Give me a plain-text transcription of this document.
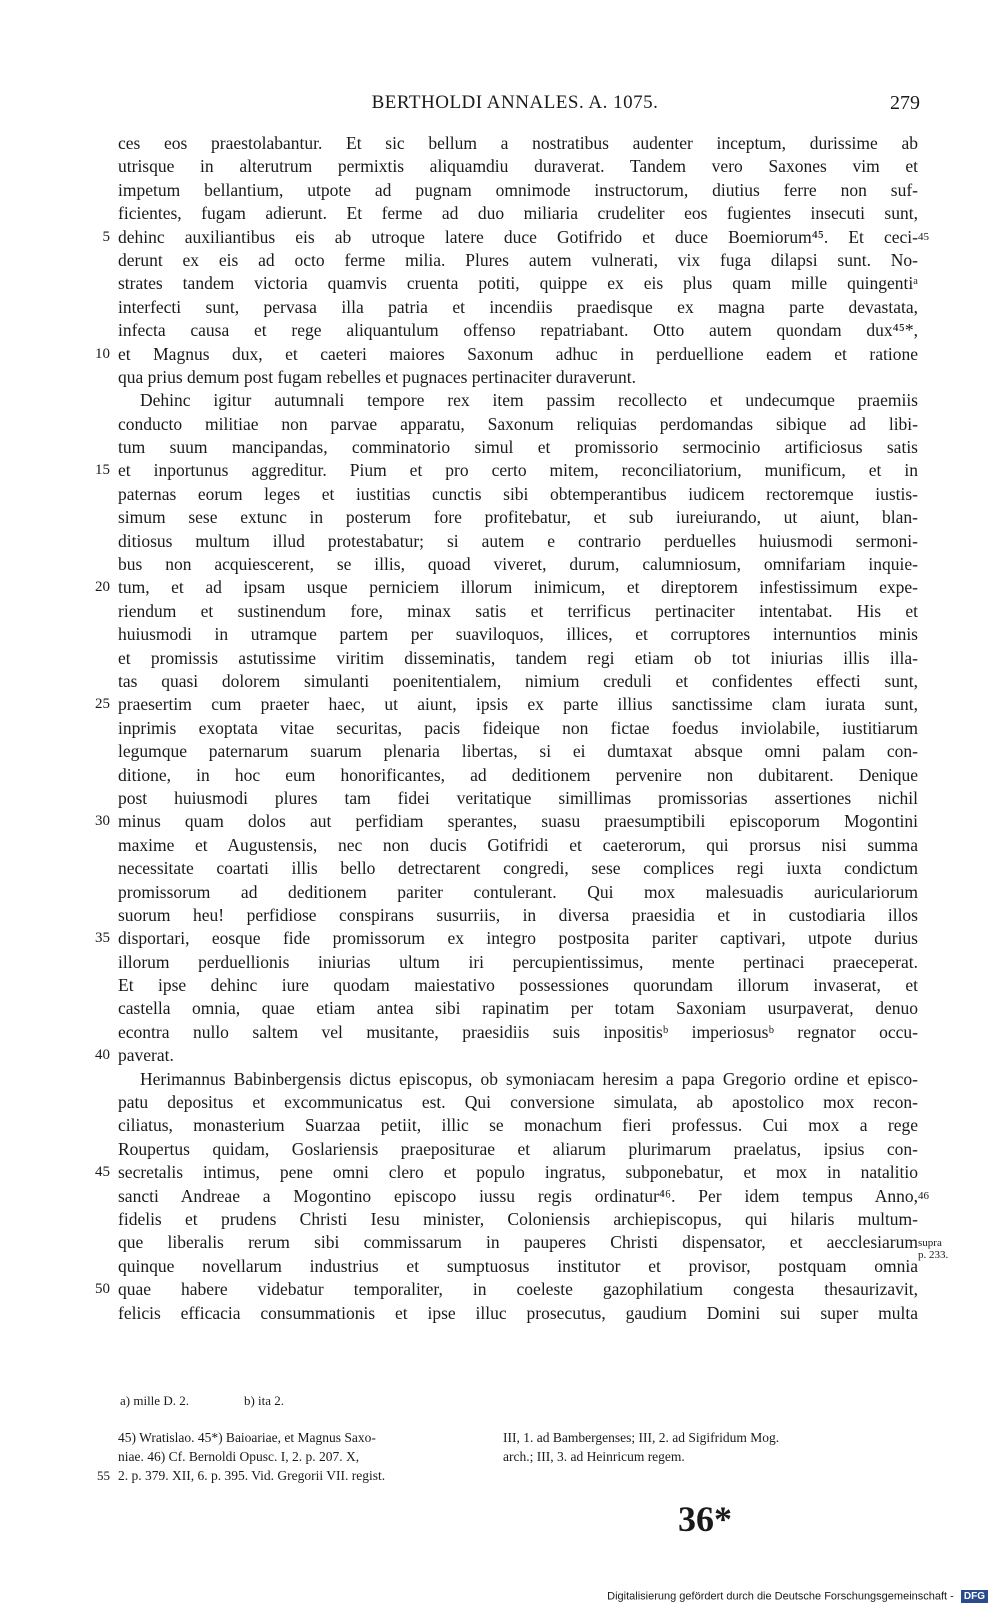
BERTHOLDI ANNALES. A. 1075.	279
ces eos praestolabantur. Et sic bellum a nostratibus audenter inceptum, durissime ab
utrisque in alterutrum permixtis aliquamdiu duraverat. Tandem vero Saxones vim et
impetum bellantium, utpote ad pugnam omnimode instructorum, diutius ferre non suf-
ficientes, fugam adierunt. Et ferme ad duo miliaria crudeliter eos fugientes insecuti sunt,
5 dehinc auxiliantibus eis ab utroque latere duce Gotifrido et duce Boemiorum⁴⁵. Et ceci-
derunt ex eis ad octo ferme milia. Plures autem vulnerati, vix fuga dilapsi sunt. No-
strates tandem victoria quamvis cruenta potiti, quippe ex eis plus quam mille quingentiᵃ
interfecti sunt, pervasa illa patria et incendiis praedisque ex magna parte devastata,
infecta causa et rege aliquantulum offenso repatriabant. Otto autem quondam dux⁴⁵*,
10 et Magnus dux, et caeteri maiores Saxonum adhuc in perduellione eadem et ratione
qua prius demum post fugam rebelles et pugnaces pertinaciter duraverunt.
Dehinc igitur autumnali tempore rex item passim recollecto et undecumque praemiis
conducto militiae non parvae apparatu, Saxonum reliquias perdomandas sibique ad libi-
tum suum mancipandas, comminatorio simul et promissorio sermocinio artificiosus satis
15 et inportunus aggreditur. Pium et pro certo mitem, reconciliatorium, munificum, et in
paternas eorum leges et iustitias cunctis sibi obtemperantibus iudicem rectoremque iustis-
simum sese extunc in posterum fore profitebatur, et sub iureiurando, ut aiunt, blan-
ditiosus multum illud protestabatur; si autem e contrario perduelles huiusmodi sermoni-
bus non acquiescerent, se illis, quoad viveret, durum, calumniosum, omnifariam inquie-
20 tum, et ad ipsam usque perniciem illorum inimicum, et direptorem infestissimum expe-
riendum et sustinendum fore, minax satis et terrificus pertinaciter intentabat. His et
huiusmodi in utramque partem per suaviloquos, illices, et corruptores internuntios minis
et promissis astutissime viritim disseminatis, tandem regi etiam ob tot iniurias illis illa-
tas quasi dolorem simulanti poenitentialem, nimium creduli et confidentes effecti sunt,
25 praesertim cum praeter haec, ut aiunt, ipsis ex parte illius sanctissime clam iurata sunt,
inprimis exoptata vitae securitas, pacis fideique non fictae foedus inviolabile, iustitiarum
legumque paternarum suarum plenaria libertas, si ei dumtaxat absque omni palam con-
ditione, in hoc eum honorificantes, ad deditionem pervenire non dubitarent. Denique
post huiusmodi plures tam fidei veritatique simillimas promissorias assertiones nichil
30 minus quam dolos aut perfidiam sperantes, suasu praesumptibili episcoporum Mogontini
maxime et Augustensis, nec non ducis Gotifridi et caeterorum, qui prorsus nisi summa
necessitate coartati illis bello detrectarent congredi, sese complices regi iuxta condictum
promissorum ad deditionem pariter contulerant. Qui mox malesuadis auriculariorum
suorum heu! perfidiose conspirans susurriis, in diversa praesidia et in custodiaria illos
35 disportari, eosque fide promissorum ex integro postposita pariter captivari, utpote durius
illorum perduellionis iniurias ultum iri percupientissimus, mente pertinaci praeceperat.
Et ipse dehinc iure quodam maiestativo possessiones quorundam illorum invaserat, et
castella omnia, quae etiam antea sibi rapinatim per totam Saxoniam usurpaverat, denuo
econtra nullo saltem vel musitante, praesidiis suis inpositisᵇ imperiosusᵇ regnator occu-
40 paverat.
Herimannus Babinbergensis dictus episcopus, ob symoniacam heresim a papa Gregorio ordine et episco-
patu depositus et excommunicatus est. Qui conversione simulata, ab apostolico mox recon-
ciliatus, monasterium Suarzaa petiit, illic se monachum fieri professus. Cui mox a rege
Roupertus quidam, Goslariensis praepositurae et aliarum plurimarum praelatus, ipsius con-
45 secretalis intimus, pene omni clero et populo ingratus, subponebatur, et mox in natalitio
sancti Andreae a Mogontino episcopo iussu regis ordinatur⁴⁶. Per idem tempus Anno,
fidelis et prudens Christi Iesu minister, Coloniensis archiepiscopus, qui hilaris multum-
que liberalis rerum sibi commissarum in pauperes Christi dispensator, et aecclesiarum
quinque novellarum industrius et sumptuosus institutor et provisor, postquam omnia
50 quae habere videbatur temporaliter, in coeleste gazophilatium congesta thesaurizavit,
felicis efficacia consummationis et ipse illuc prosecutus, gaudium Domini sui super multa
45
46
supra
p. 233.
a) mille D. 2.	b) ita 2.
45) Wratislao. 45*) Baioariae, et Magnus Saxo-	III, 1. ad Bambergenses; III, 2. ad Sigifridum Mog.
niae. 46) Cf. Bernoldi Opusc. I, 2. p. 207. X,	arch.; III, 3. ad Heinricum regem.
55 2. p. 379. XII, 6. p. 395. Vid. Gregorii VII. regist.
36*
Digitalisierung gefördert durch die Deutsche Forschungsgemeinschaft - DFG
